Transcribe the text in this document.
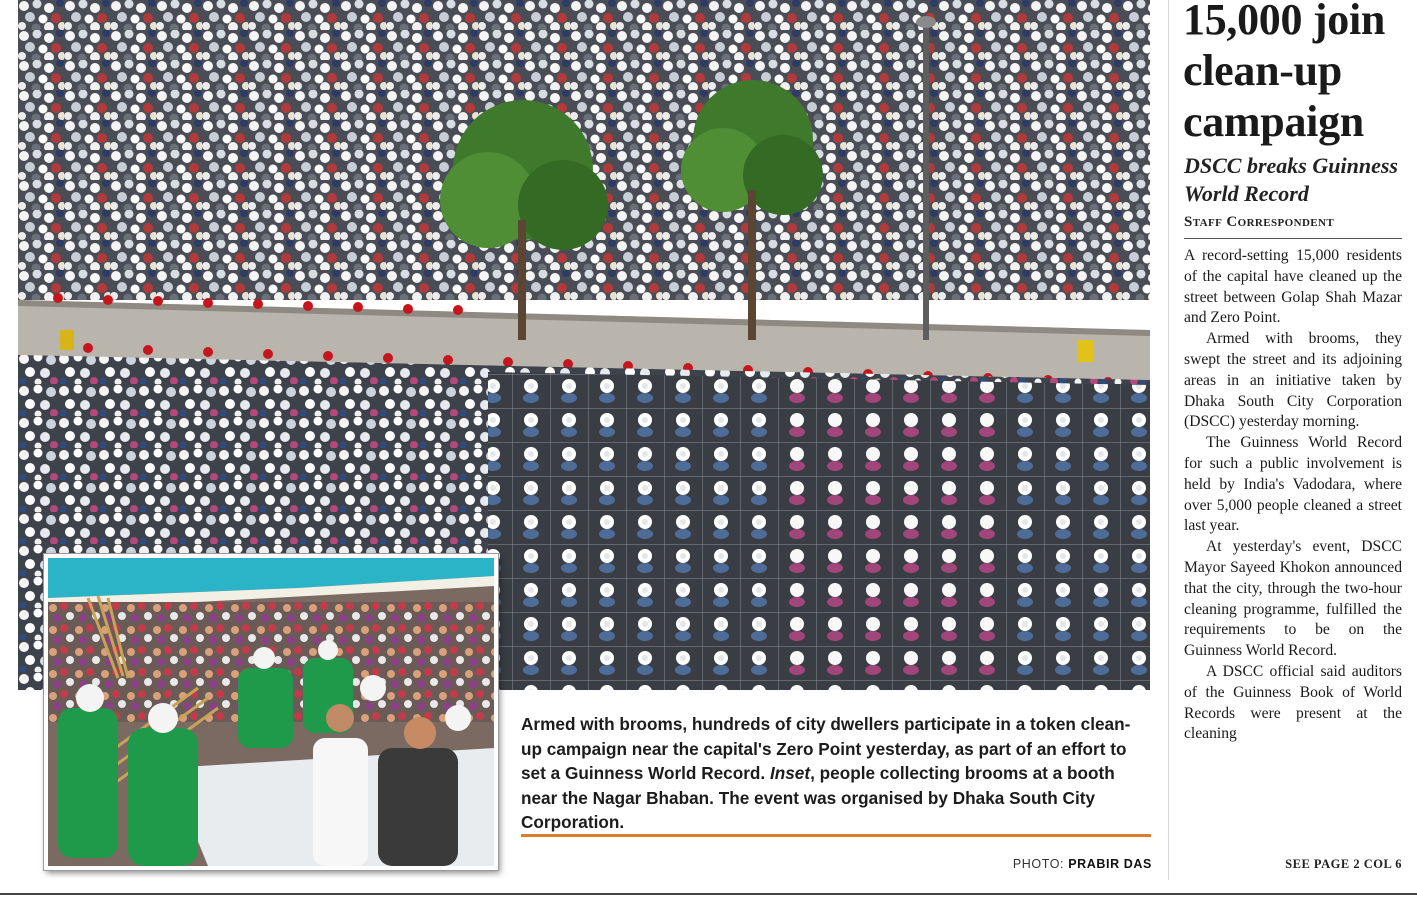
Armed with brooms, hundreds of city dwellers participate in a token clean-up campaign near the capital's Zero Point yesterday, as part of an effort to set a Guinness World Record. Inset, people collecting brooms at a booth near the Nagar Bhaban. The event was organised by Dhaka South City Corporation.

PHOTO: PRABIR DAS
15,000 join clean-up campaign
DSCC breaks Guinness World Record
Staff Correspondent

A record-setting 15,000 residents of the capital have cleaned up the street between Golap Shah Mazar and Zero Point.

Armed with brooms, they swept the street and its adjoining areas in an initiative taken by Dhaka South City Corporation (DSCC) yesterday morning.

The Guinness World Record for such a public involvement is held by India's Vadodara, where over 5,000 people cleaned a street last year.

At yesterday's event, DSCC Mayor Sayeed Khokon announced that the city, through the two-hour cleaning programme, fulfilled the requirements to be on the Guinness World Record.

A DSCC official said auditors of the Guinness Book of World Records were present at the cleaning

SEE PAGE 2 COL 6
